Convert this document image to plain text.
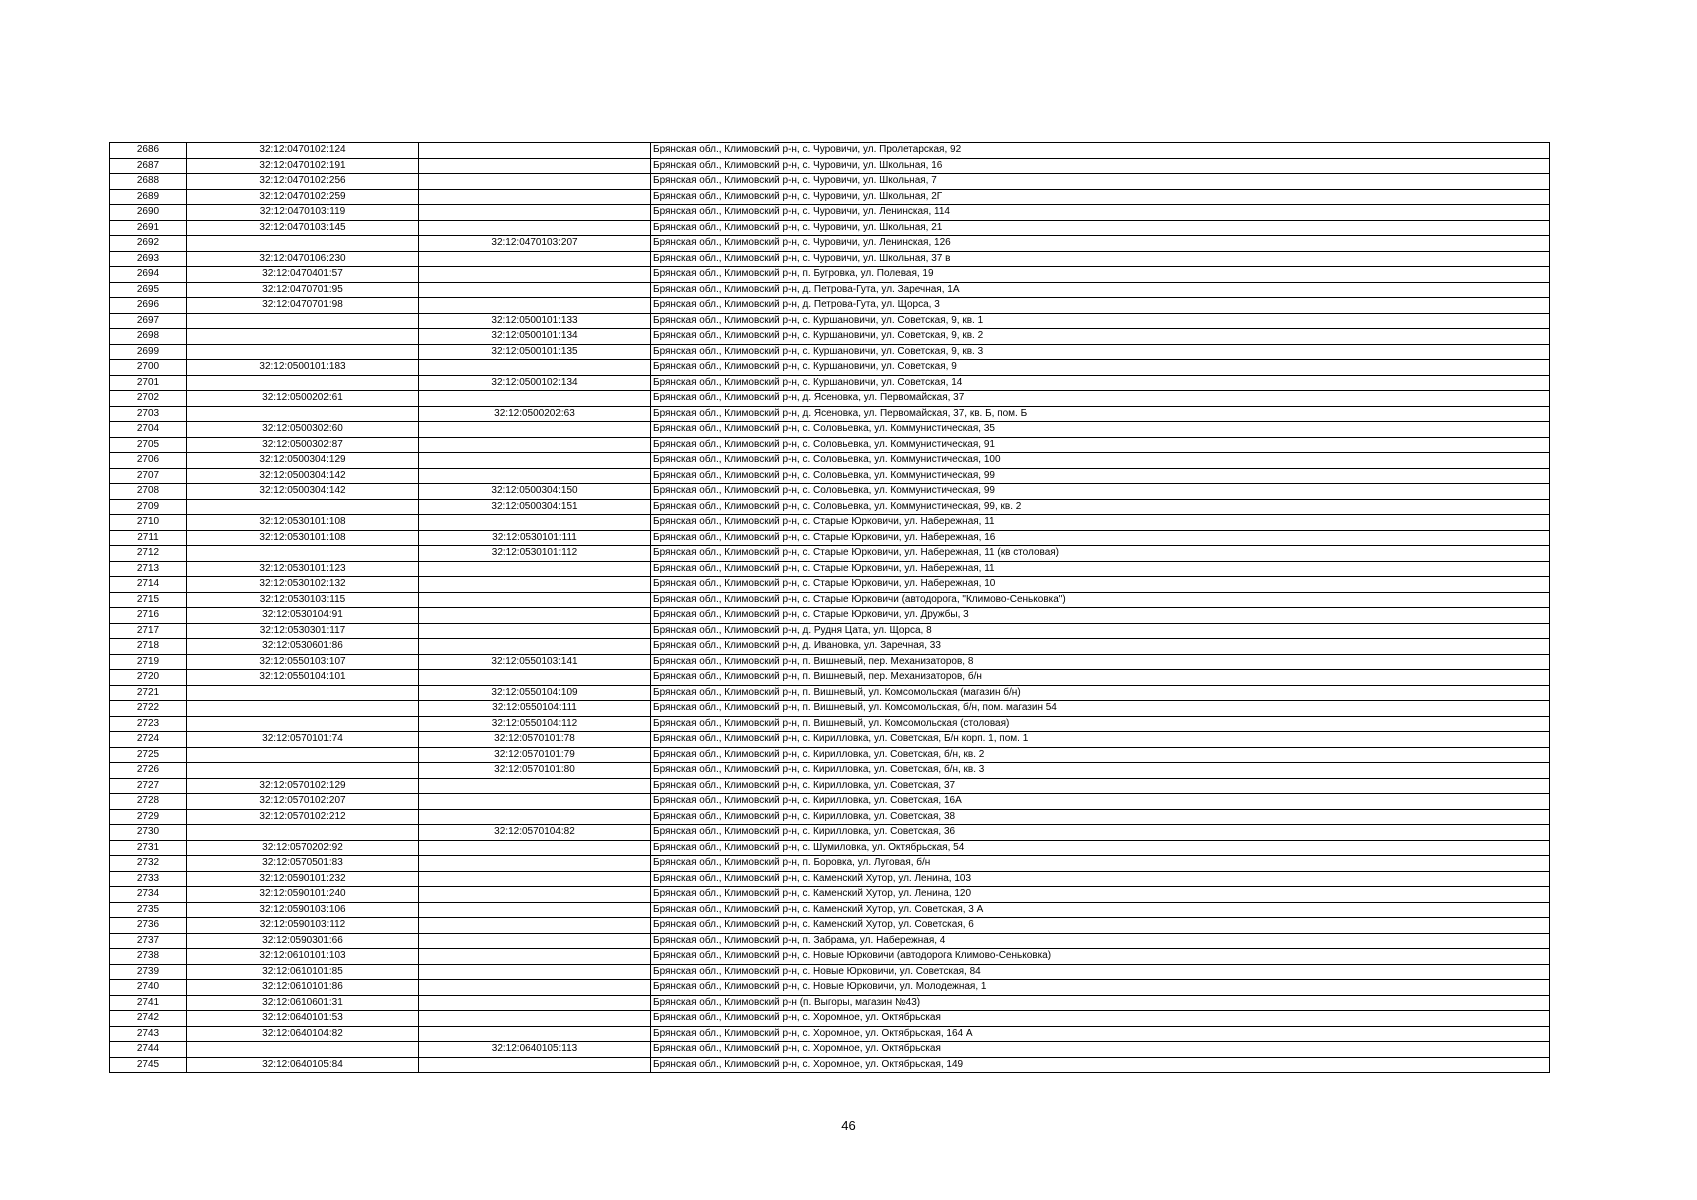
2686	32:12:0470102:124		Брянская обл., Климовский р-н, с. Чуровичи, ул. Пролетарская, 92
2687	32:12:0470102:191		Брянская обл., Климовский р-н, с. Чуровичи, ул. Школьная, 16
2688	32:12:0470102:256		Брянская обл., Климовский р-н, с. Чуровичи, ул. Школьная, 7
2689	32:12:0470102:259		Брянская обл., Климовский р-н, с. Чуровичи, ул. Школьная, 2Г
2690	32:12:0470103:119		Брянская обл., Климовский р-н, с. Чуровичи, ул. Ленинская, 114
2691	32:12:0470103:145		Брянская обл., Климовский р-н, с. Чуровичи, ул. Школьная, 21
2692		32:12:0470103:207	Брянская обл., Климовский р-н, с. Чуровичи, ул. Ленинская, 126
2693	32:12:0470106:230		Брянская обл., Климовский р-н, с. Чуровичи, ул. Школьная, 37 в
2694	32:12:0470401:57		Брянская обл., Климовский р-н, п. Бугровка, ул. Полевая, 19
2695	32:12:0470701:95		Брянская обл., Климовский р-н, д. Петрова-Гута, ул. Заречная, 1А
2696	32:12:0470701:98		Брянская обл., Климовский р-н, д. Петрова-Гута, ул. Щорса, 3
2697		32:12:0500101:133	Брянская обл., Климовский р-н, с. Куршановичи, ул. Советская, 9, кв. 1
2698		32:12:0500101:134	Брянская обл., Климовский р-н, с. Куршановичи, ул. Советская, 9, кв. 2
2699		32:12:0500101:135	Брянская обл., Климовский р-н, с. Куршановичи, ул. Советская, 9, кв. 3
2700	32:12:0500101:183		Брянская обл., Климовский р-н, с. Куршановичи, ул. Советская, 9
2701		32:12:0500102:134	Брянская обл., Климовский р-н, с. Куршановичи, ул. Советская, 14
2702	32:12:0500202:61		Брянская обл., Климовский р-н, д. Ясеновка, ул. Первомайская, 37
2703		32:12:0500202:63	Брянская обл., Климовский р-н, д. Ясеновка, ул. Первомайская, 37, кв. Б, пом. Б
2704	32:12:0500302:60		Брянская обл., Климовский р-н, с. Соловьевка, ул. Коммунистическая, 35
2705	32:12:0500302:87		Брянская обл., Климовский р-н, с. Соловьевка, ул. Коммунистическая, 91
2706	32:12:0500304:129		Брянская обл., Климовский р-н, с. Соловьевка, ул. Коммунистическая, 100
2707	32:12:0500304:142		Брянская обл., Климовский р-н, с. Соловьевка, ул. Коммунистическая, 99
2708	32:12:0500304:142	32:12:0500304:150	Брянская обл., Климовский р-н, с. Соловьевка, ул. Коммунистическая, 99
2709		32:12:0500304:151	Брянская обл., Климовский р-н, с. Соловьевка, ул. Коммунистическая, 99, кв. 2
2710	32:12:0530101:108		Брянская обл., Климовский р-н, с. Старые Юрковичи, ул. Набережная, 11
2711	32:12:0530101:108	32:12:0530101:111	Брянская обл., Климовский р-н, с. Старые Юрковичи, ул. Набережная, 16
2712		32:12:0530101:112	Брянская обл., Климовский р-н, с. Старые Юрковичи, ул. Набережная, 11 (кв столовая)
2713	32:12:0530101:123		Брянская обл., Климовский р-н, с. Старые Юрковичи, ул. Набережная, 11
2714	32:12:0530102:132		Брянская обл., Климовский р-н, с. Старые Юрковичи, ул. Набережная, 10
2715	32:12:0530103:115		Брянская обл., Климовский р-н, с. Старые Юрковичи (автодорога, "Климово-Сеньковка")
2716	32:12:0530104:91		Брянская обл., Климовский р-н, с. Старые Юрковичи, ул. Дружбы, 3
2717	32:12:0530301:117		Брянская обл., Климовский р-н, д. Рудня Цата, ул. Щорса, 8
2718	32:12:0530601:86		Брянская обл., Климовский р-н, д. Ивановка, ул. Заречная, 33
2719	32:12:0550103:107	32:12:0550103:141	Брянская обл., Климовский р-н, п. Вишневый, пер. Механизаторов, 8
2720	32:12:0550104:101		Брянская обл., Климовский р-н, п. Вишневый, пер. Механизаторов, б/н
2721		32:12:0550104:109	Брянская обл., Климовский р-н, п. Вишневый, ул. Комсомольская (магазин б/н)
2722		32:12:0550104:111	Брянская обл., Климовский р-н, п. Вишневый, ул. Комсомольская, б/н, пом. магазин 54
2723		32:12:0550104:112	Брянская обл., Климовский р-н, п. Вишневый, ул. Комсомольская (столовая)
2724	32:12:0570101:74	32:12:0570101:78	Брянская обл., Климовский р-н, с. Кирилловка, ул. Советская, Б/н корп. 1, пом. 1
2725		32:12:0570101:79	Брянская обл., Климовский р-н, с. Кирилловка, ул. Советская, б/н, кв. 2
2726		32:12:0570101:80	Брянская обл., Климовский р-н, с. Кирилловка, ул. Советская, б/н, кв. 3
2727	32:12:0570102:129		Брянская обл., Климовский р-н, с. Кирилловка, ул. Советская, 37
2728	32:12:0570102:207		Брянская обл., Климовский р-н, с. Кирилловка, ул. Советская, 16А
2729	32:12:0570102:212		Брянская обл., Климовский р-н, с. Кирилловка, ул. Советская, 38
2730		32:12:0570104:82	Брянская обл., Климовский р-н, с. Кирилловка, ул. Советская, 36
2731	32:12:0570202:92		Брянская обл., Климовский р-н, с. Шумиловка, ул. Октябрьская, 54
2732	32:12:0570501:83		Брянская обл., Климовский р-н, п. Боровка, ул. Луговая, б/н
2733	32:12:0590101:232		Брянская обл., Климовский р-н, с. Каменский Хутор, ул. Ленина, 103
2734	32:12:0590101:240		Брянская обл., Климовский р-н, с. Каменский Хутор, ул. Ленина, 120
2735	32:12:0590103:106		Брянская обл., Климовский р-н, с. Каменский Хутор, ул. Советская, 3 А
2736	32:12:0590103:112		Брянская обл., Климовский р-н, с. Каменский Хутор, ул. Советская, 6
2737	32:12:0590301:66		Брянская обл., Климовский р-н, п. Забрама, ул. Набережная, 4
2738	32:12:0610101:103		Брянская обл., Климовский р-н, с. Новые Юрковичи (автодорога Климово-Сеньковка)
2739	32:12:0610101:85		Брянская обл., Климовский р-н, с. Новые Юрковичи, ул. Советская, 84
2740	32:12:0610101:86		Брянская обл., Климовский р-н, с. Новые Юрковичи, ул. Молодежная, 1
2741	32:12:0610601:31		Брянская обл., Климовский р-н (п. Выгоры, магазин №43)
2742	32:12:0640101:53		Брянская обл., Климовский р-н, с. Хоромное, ул. Октябрьская
2743	32:12:0640104:82		Брянская обл., Климовский р-н, с. Хоромное, ул. Октябрьская, 164 А
2744		32:12:0640105:113	Брянская обл., Климовский р-н, с. Хоромное, ул. Октябрьская
2745	32:12:0640105:84		Брянская обл., Климовский р-н, с. Хоромное, ул. Октябрьская, 149
46
